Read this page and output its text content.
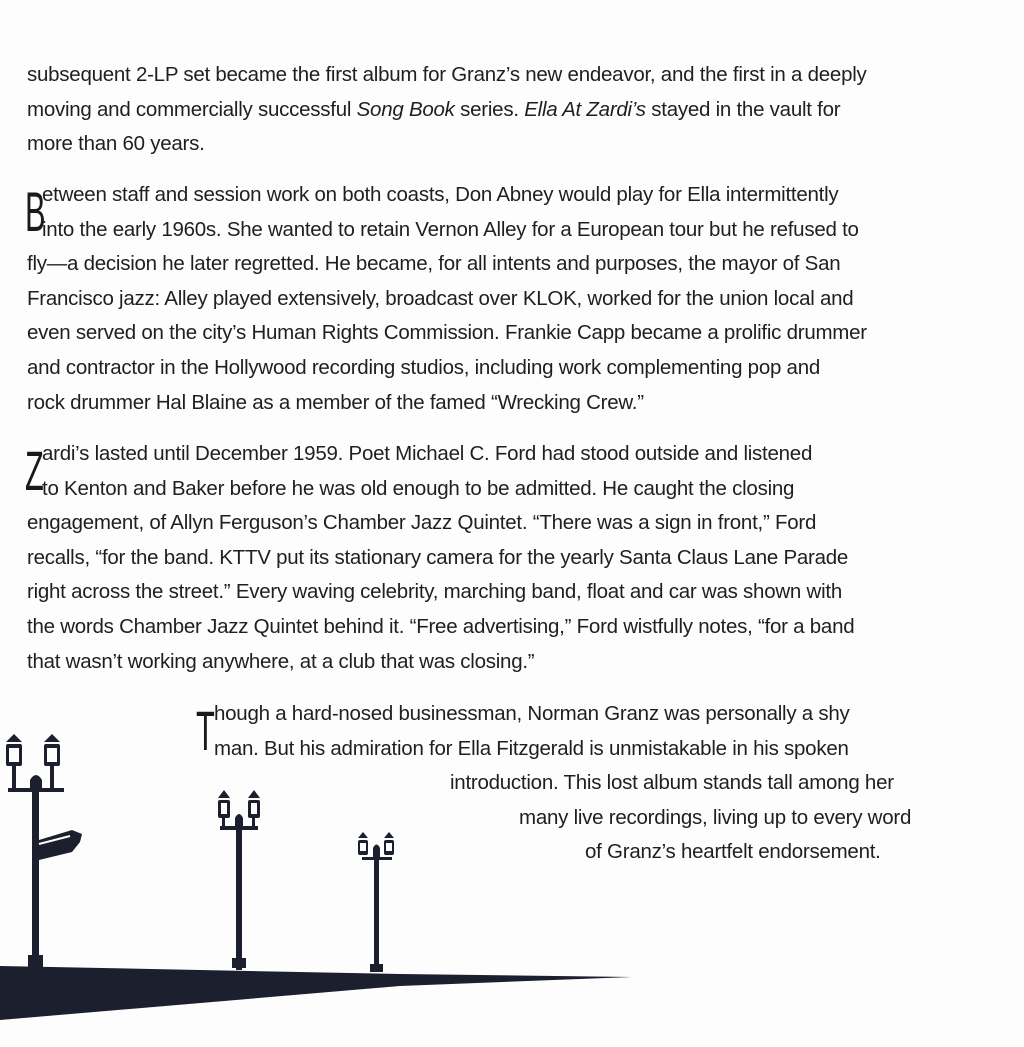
subsequent 2-LP set became the first album for Granz’s new endeavor, and the first in a deeply
moving and commercially successful Song Book series. Ella At Zardi’s stayed in the vault for
more than 60 years.
B
etween staff and session work on both coasts, Don Abney would play for Ella intermittently
into the early 1960s. She wanted to retain Vernon Alley for a European tour but he refused to
fly—a decision he later regretted. He became, for all intents and purposes, the mayor of San
Francisco jazz: Alley played extensively, broadcast over KLOK, worked for the union local and
even served on the city’s Human Rights Commission. Frankie Capp became a prolific drummer
and contractor in the Hollywood recording studios, including work complementing pop and
rock drummer Hal Blaine as a member of the famed “Wrecking Crew.”
Z
ardi’s lasted until December 1959. Poet Michael C. Ford had stood outside and listened
to Kenton and Baker before he was old enough to be admitted. He caught the closing
engagement, of Allyn Ferguson’s Chamber Jazz Quintet. “There was a sign in front,” Ford
recalls, “for the band. KTTV put its stationary camera for the yearly Santa Claus Lane Parade
right across the street.” Every waving celebrity, marching band, float and car was shown with
the words Chamber Jazz Quintet behind it. “Free advertising,” Ford wistfully notes, “for a band
that wasn’t working anywhere, at a club that was closing.”
T hough a hard-nosed businessman, Norman Granz was personally a shy
man. But his admiration for Ella Fitzgerald is unmistakable in his spoken
introduction. This lost album stands tall among her
many live recordings, living up to every word
of Granz’s heartfelt endorsement.
